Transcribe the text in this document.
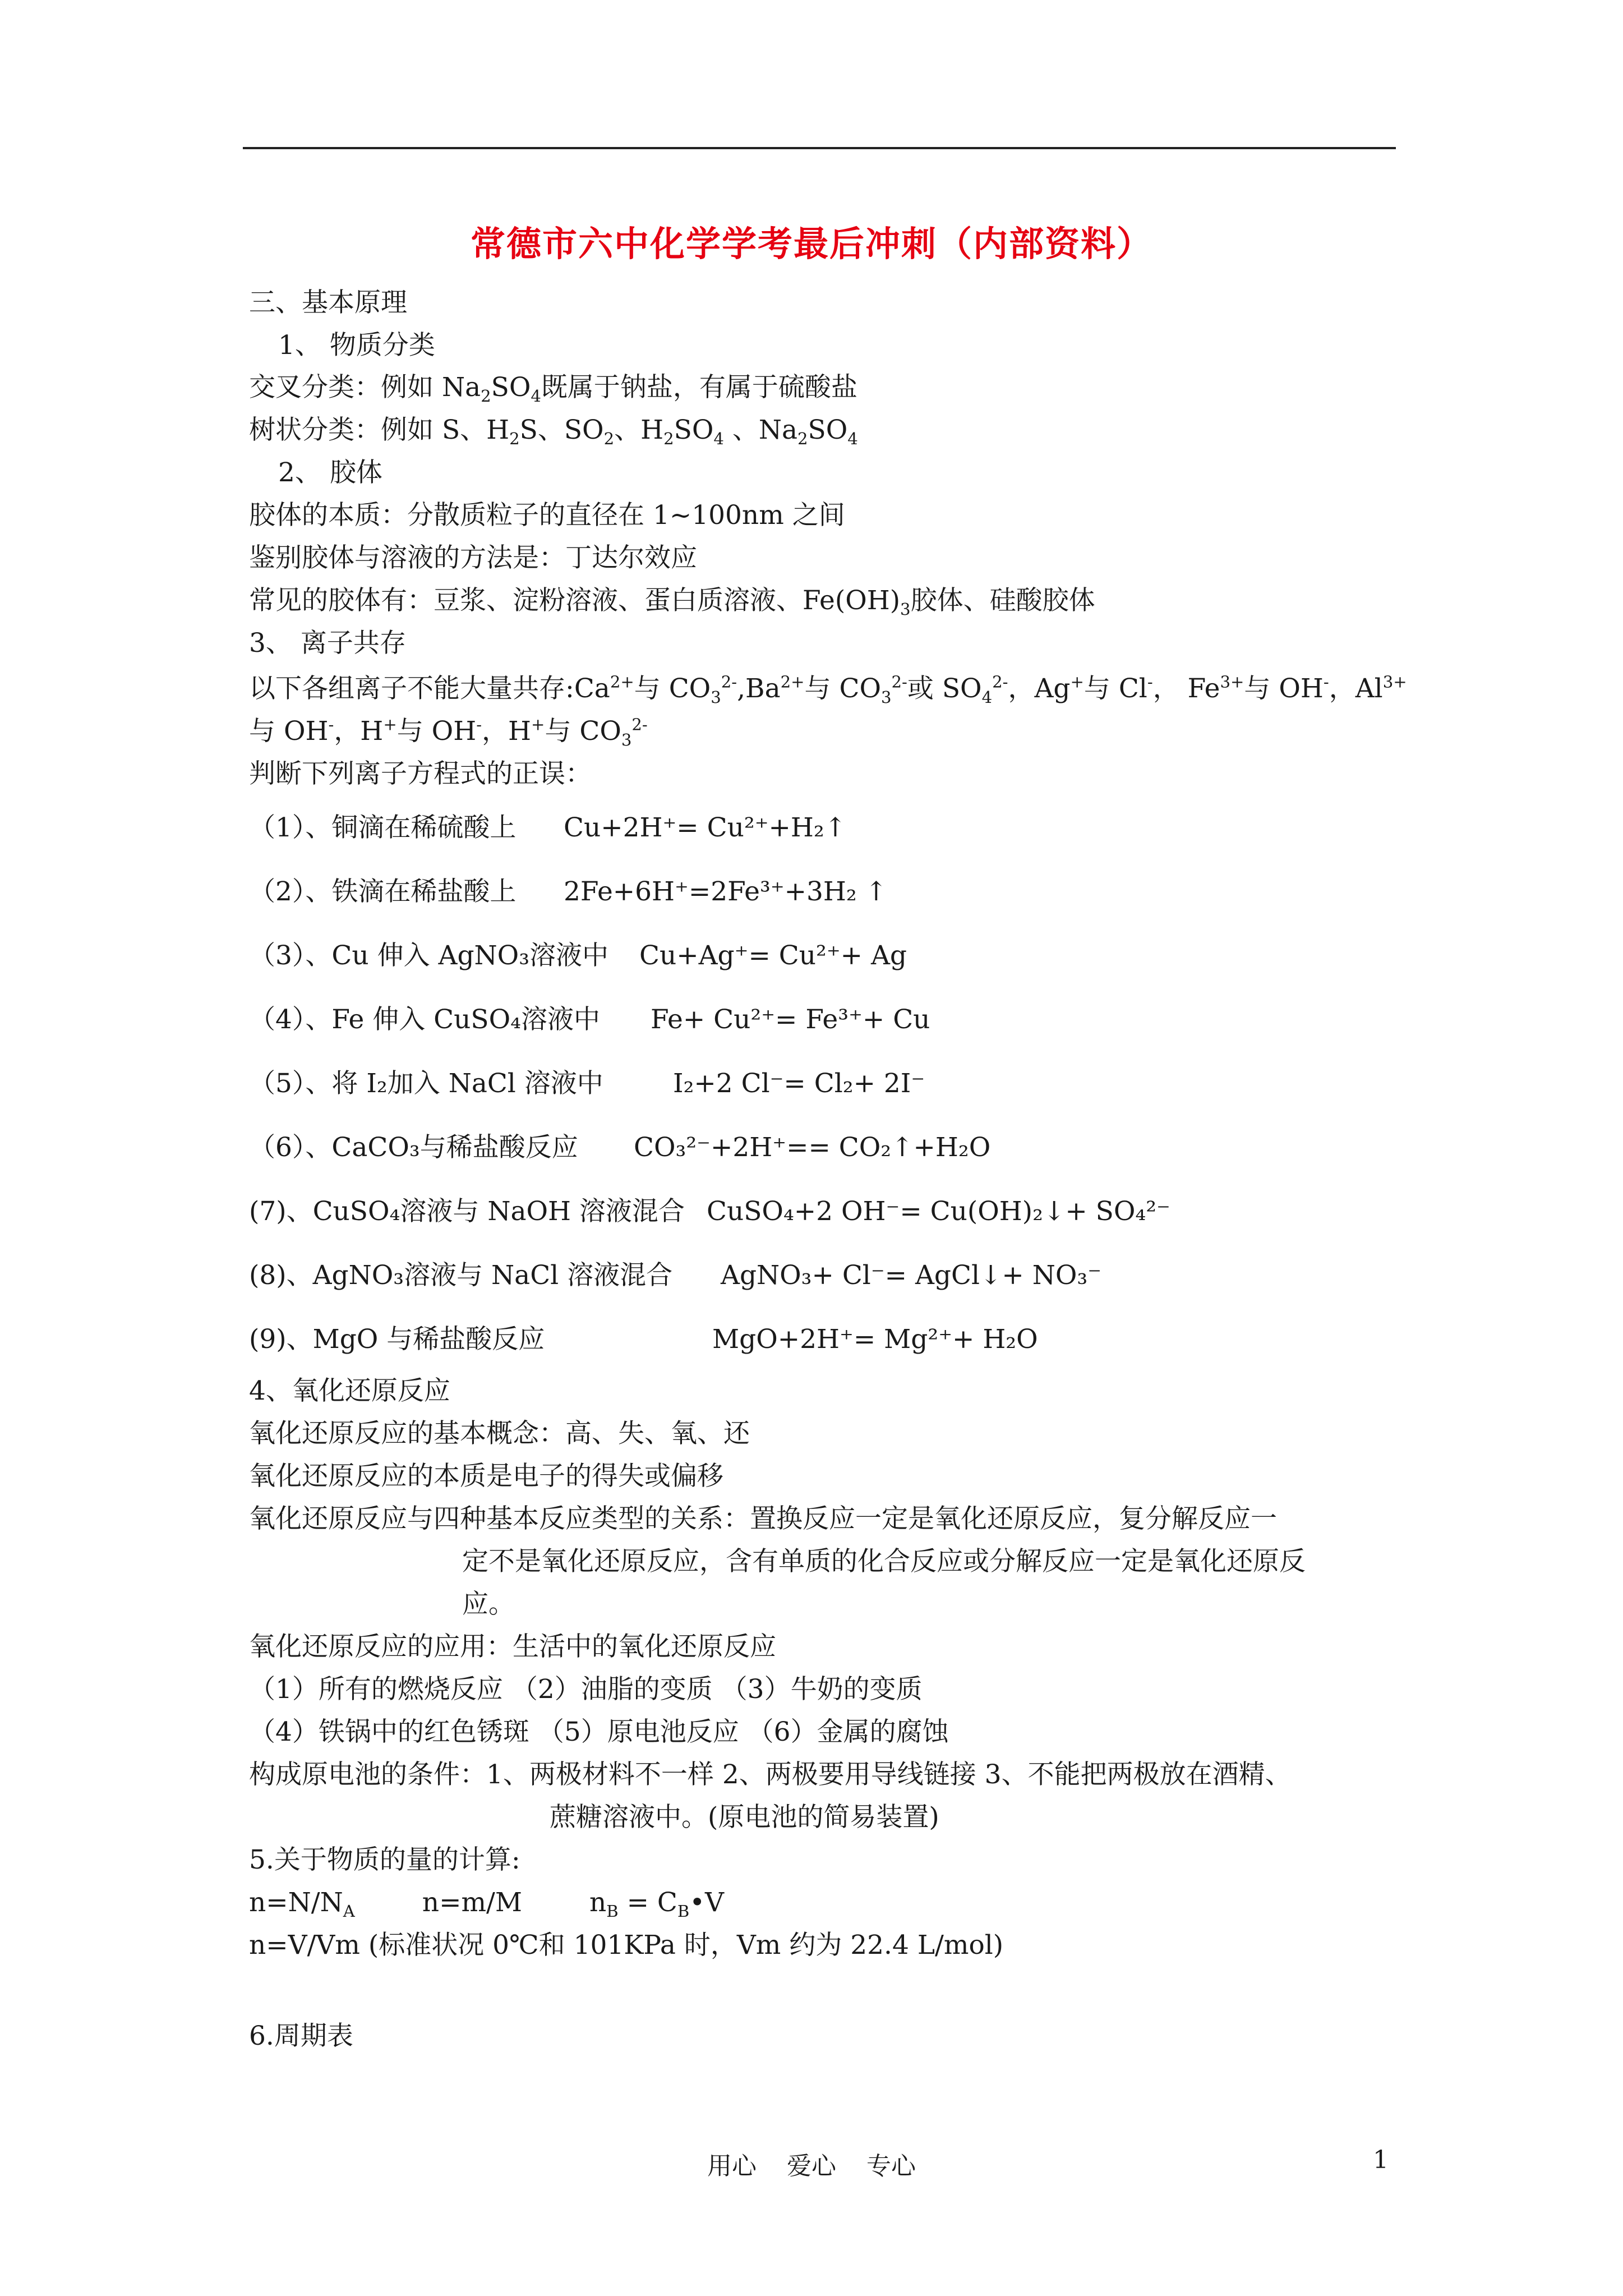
常德市六中化学学考最后冲刺（内部资料）
三、基本原理
1、 物质分类
交叉分类：例如 $Na_2SO_4$既属于钠盐，有属于硫酸盐
树状分类：例如 S、$H_2S$、$SO_2$、$H_2SO_4$ 、$Na_2SO_4$
2、 胶体
胶体的本质：分散质粒子的直径在 1~100nm 之间
鉴别胶体与溶液的方法是：丁达尔效应
常见的胶体有：豆浆、淀粉溶液、蛋白质溶液、$Fe(OH)_3$胶体、硅酸胶体
3、 离子共存
以下各组离子不能大量共存$:Ca^{2+}$与 $CO_3^{2-},Ba^{2+}$与 $CO_3^{2-}$或 $SO_4^{2-}$，Ag+与 Cl-， $Fe^{3+}$与 OH-，$Al^{3+}$
与 OH-，H+与 OH-，H+与 $CO_3^{2-}$
判断下列离子方程式的正误：
（1）、铜滴在稀硫酸上 Cu+2H⁺= Cu²⁺+H₂↑
（2）、铁滴在稀盐酸上 2Fe+6H⁺=2Fe³⁺+3H₂ ↑
（3）、Cu 伸入 AgNO₃溶液中 Cu+Ag⁺= Cu²⁺+ Ag
（4）、Fe 伸入 CuSO₄溶液中 Fe+ Cu²⁺= Fe³⁺+ Cu
（5）、将 I₂加入 NaCl 溶液中	I₂+2 Cl⁻= Cl₂+ 2I⁻
（6）、CaCO₃与稀盐酸反应 CO₃²⁻+2H⁺== CO₂↑+H₂O
(7)、CuSO₄溶液与 NaOH 溶液混合 CuSO₄+2 OH⁻= Cu(OH)₂↓+ SO₄²⁻
(8)、AgNO₃溶液与 NaCl 溶液混合 AgNO₃+ Cl⁻= AgCl↓+ NO₃⁻
(9)、MgO 与稀盐酸反应	MgO+2H⁺= Mg²⁺+ H₂O
4、氧化还原反应
氧化还原反应的基本概念：高、失、氧、还
氧化还原反应的本质是电子的得失或偏移
氧化还原反应与四种基本反应类型的关系：置换反应一定是氧化还原反应，复分解反应一
定不是氧化还原反应，含有单质的化合反应或分解反应一定是氧化还原反
应。
氧化还原反应的应用：生活中的氧化还原反应
（1）所有的燃烧反应 （2）油脂的变质 （3）牛奶的变质
（4）铁锅中的红色锈斑 （5）原电池反应 （6）金属的腐蚀
构成原电池的条件：1、两极材料不一样 2、两极要用导线链接 3、不能把两极放在酒精、
蔗糖溶液中。(原电池的简易装置)
5.关于物质的量的计算:
$n=N/N_A$	n=m/M	$n_B$ = $C_B•V$
n=V/Vm (标准状况 0℃和 101KPa 时，Vm 约为 22.4 L/mol)
6.周期表
用心 爱心 专心	1
